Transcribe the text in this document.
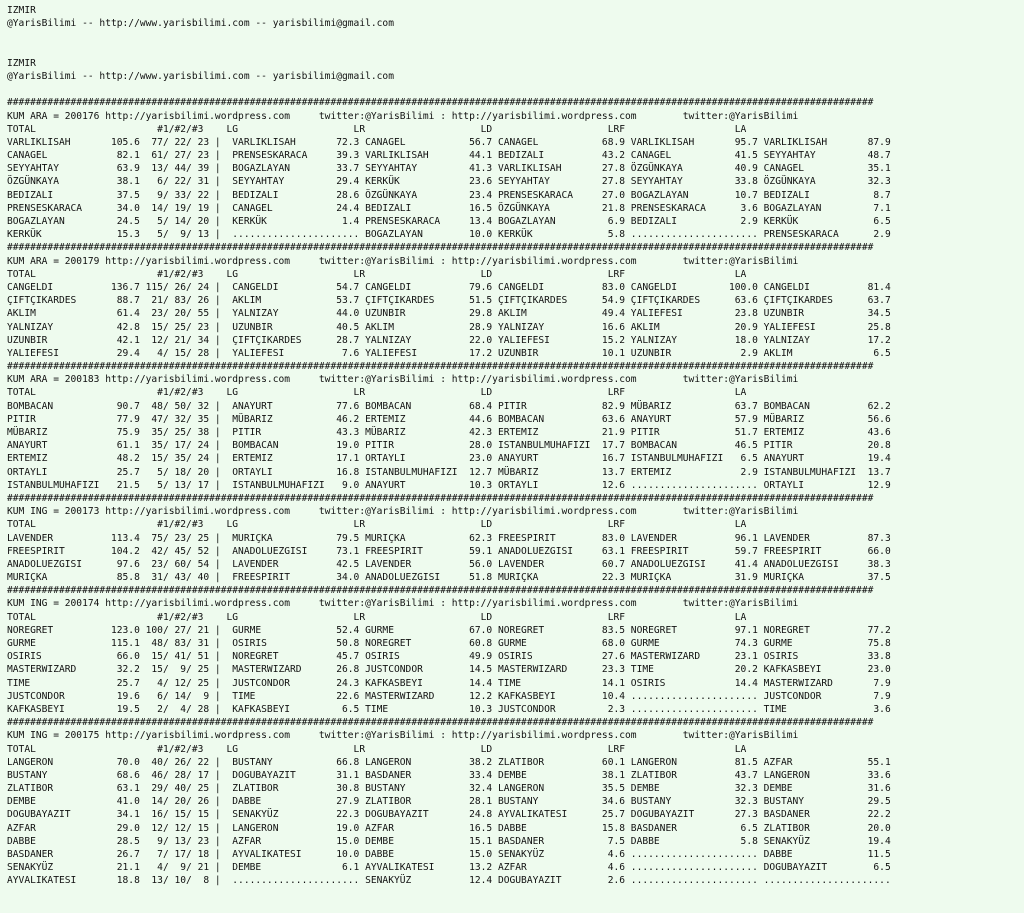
IZMIR
@YarisBilimi -- http://www.yarisbilimi.com -- yarisbilimi@gmail.com

IZMIR
@YarisBilimi -- http://www.yarisbilimi.com -- yarisbilimi@gmail.com

######################################################################################################################################################
KUM ARA = 200176 http://yarisbilimi.wordpress.com     twitter:@YarisBilimi : http://yarisbilimi.wordpress.com        twitter:@YarisBilimi
TOTAL                     #1/#2/#3    LG                    LR                    LD                    LRF                   LA
VARLIKLISAH       105.6  77/ 22/ 23 |  VARLIKLISAH       72.3 CANAGEL           56.7 CANAGEL           68.9 VARLIKLISAH       95.7 VARLIKLISAH       87.9
CANAGEL            82.1  61/ 27/ 23 |  PRENSESKARACA     39.3 VARLIKLISAH       44.1 BEDIZALI          43.2 CANAGEL           41.5 SEYYAHTAY         48.7
SEYYAHTAY          63.9  13/ 44/ 39 |  BOGAZLAYAN        33.7 SEYYAHTAY         41.3 VARLIKLISAH       27.8 ÖZGÜNKAYA         40.9 CANAGEL           35.1
ÖZGÜNKAYA          38.1   6/ 22/ 31 |  SEYYAHTAY         29.4 KERKÜK            23.6 SEYYAHTAY         27.8 SEYYAHTAY         33.8 ÖZGÜNKAYA         32.3
BEDIZALI           37.5   9/ 33/ 22 |  BEDIZALI          28.6 ÖZGÜNKAYA         23.4 PRENSESKARACA     27.0 BOGAZLAYAN        10.7 BEDIZALI           8.7
PRENSESKARACA      34.0  14/ 19/ 19 |  CANAGEL           24.4 BEDIZALI          16.5 ÖZGÜNKAYA         21.8 PRENSESKARACA      3.6 BOGAZLAYAN         7.1
BOGAZLAYAN         24.5   5/ 14/ 20 |  KERKÜK             1.4 PRENSESKARACA     13.4 BOGAZLAYAN         6.9 BEDIZALI           2.9 KERKÜK             6.5
KERKÜK             15.3   5/  9/ 13 |  ...................... BOGAZLAYAN        10.0 KERKÜK             5.8 ...................... PRENSESKARACA      2.9
######################################################################################################################################################
KUM ARA = 200179 http://yarisbilimi.wordpress.com     twitter:@YarisBilimi : http://yarisbilimi.wordpress.com        twitter:@YarisBilimi
TOTAL                     #1/#2/#3    LG                    LR                    LD                    LRF                   LA
CANGELDI          136.7 115/ 26/ 24 |  CANGELDI          54.7 CANGELDI          79.6 CANGELDI          83.0 CANGELDI         100.0 CANGELDI          81.4
ÇIFTÇIKARDES       88.7  21/ 83/ 26 |  AKLIM             53.7 ÇIFTÇIKARDES      51.5 ÇIFTÇIKARDES      54.9 ÇIFTÇIKARDES      63.6 ÇIFTÇIKARDES      63.7
AKLIM              61.4  23/ 20/ 55 |  YALNIZAY          44.0 UZUNBIR           29.8 AKLIM             49.4 YALIEFESI         23.8 UZUNBIR           34.5
YALNIZAY           42.8  15/ 25/ 23 |  UZUNBIR           40.5 AKLIM             28.9 YALNIZAY          16.6 AKLIM             20.9 YALIEFESI         25.8
UZUNBIR            42.1  12/ 21/ 34 |  ÇIFTÇIKARDES      28.7 YALNIZAY          22.0 YALIEFESI         15.2 YALNIZAY          18.0 YALNIZAY          17.2
YALIEFESI          29.4   4/ 15/ 28 |  YALIEFESI          7.6 YALIEFESI         17.2 UZUNBIR           10.1 UZUNBIR            2.9 AKLIM              6.5
######################################################################################################################################################
KUM ARA = 200183 http://yarisbilimi.wordpress.com     twitter:@YarisBilimi : http://yarisbilimi.wordpress.com        twitter:@YarisBilimi
TOTAL                     #1/#2/#3    LG                    LR                    LD                    LRF                   LA
BOMBACAN           90.7  48/ 50/ 32 |  ANAYURT           77.6 BOMBACAN          68.4 PITIR             82.9 MÜBARIZ           63.7 BOMBACAN          62.2
PITIR              77.9  47/ 32/ 35 |  MÜBARIZ           46.2 ERTEMIZ           44.6 BOMBACAN          63.6 ANAYURT           57.9 MÜBARIZ           56.6
MÜBARIZ            75.9  35/ 25/ 38 |  PITIR             43.3 MÜBARIZ           42.3 ERTEMIZ           21.9 PITIR             51.7 ERTEMIZ           43.6
ANAYURT            61.1  35/ 17/ 24 |  BOMBACAN          19.0 PITIR             28.0 ISTANBULMUHAFIZI  17.7 BOMBACAN          46.5 PITIR             20.8
ERTEMIZ            48.2  15/ 35/ 24 |  ERTEMIZ           17.1 ORTAYLI           23.0 ANAYURT           16.7 ISTANBULMUHAFIZI   6.5 ANAYURT           19.4
ORTAYLI            25.7   5/ 18/ 20 |  ORTAYLI           16.8 ISTANBULMUHAFIZI  12.7 MÜBARIZ           13.7 ERTEMIZ            2.9 ISTANBULMUHAFIZI  13.7
ISTANBULMUHAFIZI   21.5   5/ 13/ 17 |  ISTANBULMUHAFIZI   9.0 ANAYURT           10.3 ORTAYLI           12.6 ...................... ORTAYLI           12.9
######################################################################################################################################################
KUM ING = 200173 http://yarisbilimi.wordpress.com     twitter:@YarisBilimi : http://yarisbilimi.wordpress.com        twitter:@YarisBilimi
TOTAL                     #1/#2/#3    LG                    LR                    LD                    LRF                   LA
LAVENDER          113.4  75/ 23/ 25 |  MURIÇKA           79.5 MURIÇKA           62.3 FREESPIRIT        83.0 LAVENDER          96.1 LAVENDER          87.3
FREESPIRIT        104.2  42/ 45/ 52 |  ANADOLUEZGISI     73.1 FREESPIRIT        59.1 ANADOLUEZGISI     63.1 FREESPIRIT        59.7 FREESPIRIT        66.0
ANADOLUEZGISI      97.6  23/ 60/ 54 |  LAVENDER          42.5 LAVENDER          56.0 LAVENDER          60.7 ANADOLUEZGISI     41.4 ANADOLUEZGISI     38.3
MURIÇKA            85.8  31/ 43/ 40 |  FREESPIRIT        34.0 ANADOLUEZGISI     51.8 MURIÇKA           22.3 MURIÇKA           31.9 MURIÇKA           37.5
######################################################################################################################################################
KUM ING = 200174 http://yarisbilimi.wordpress.com     twitter:@YarisBilimi : http://yarisbilimi.wordpress.com        twitter:@YarisBilimi
TOTAL                     #1/#2/#3    LG                    LR                    LD                    LRF                   LA
NOREGRET          123.0 100/ 27/ 21 |  GURME             52.4 GURME             67.0 NOREGRET          83.5 NOREGRET          97.1 NOREGRET          77.2
GURME             115.1  48/ 83/ 31 |  OSIRIS            50.8 NOREGRET          60.8 GURME             68.0 GURME             74.3 GURME             75.8
OSIRIS             66.0  15/ 41/ 51 |  NOREGRET          45.7 OSIRIS            49.9 OSIRIS            27.6 MASTERWIZARD      23.1 OSIRIS            33.8
MASTERWIZARD       32.2  15/  9/ 25 |  MASTERWIZARD      26.8 JUSTCONDOR        14.5 MASTERWIZARD      23.3 TIME              20.2 KAFKASBEYI        23.0
TIME               25.7   4/ 12/ 25 |  JUSTCONDOR        24.3 KAFKASBEYI        14.4 TIME              14.1 OSIRIS            14.4 MASTERWIZARD       7.9
JUSTCONDOR         19.6   6/ 14/  9 |  TIME              22.6 MASTERWIZARD      12.2 KAFKASBEYI        10.4 ...................... JUSTCONDOR         7.9
KAFKASBEYI         19.5   2/  4/ 28 |  KAFKASBEYI         6.5 TIME              10.3 JUSTCONDOR         2.3 ...................... TIME               3.6
######################################################################################################################################################
KUM ING = 200175 http://yarisbilimi.wordpress.com     twitter:@YarisBilimi : http://yarisbilimi.wordpress.com        twitter:@YarisBilimi
TOTAL                     #1/#2/#3    LG                    LR                    LD                    LRF                   LA
LANGERON           70.0  40/ 26/ 22 |  BUSTANY           66.8 LANGERON          38.2 ZLATIBOR          60.1 LANGERON          81.5 AZFAR             55.1
BUSTANY            68.6  46/ 28/ 17 |  DOGUBAYAZIT       31.1 BASDANER          33.4 DEMBE             38.1 ZLATIBOR          43.7 LANGERON          33.6
ZLATIBOR           63.1  29/ 40/ 25 |  ZLATIBOR          30.8 BUSTANY           32.4 LANGERON          35.5 DEMBE             32.3 DEMBE             31.6
DEMBE              41.0  14/ 20/ 26 |  DABBE             27.9 ZLATIBOR          28.1 BUSTANY           34.6 BUSTANY           32.3 BUSTANY           29.5
DOGUBAYAZIT        34.1  16/ 15/ 15 |  SENAKYÜZ          22.3 DOGUBAYAZIT       24.8 AYVALIKATESI      25.7 DOGUBAYAZIT       27.3 BASDANER          22.2
AZFAR              29.0  12/ 12/ 15 |  LANGERON          19.0 AZFAR             16.5 DABBE             15.8 BASDANER           6.5 ZLATIBOR          20.0
DABBE              28.5   9/ 13/ 23 |  AZFAR             15.0 DEMBE             15.1 BASDANER           7.5 DABBE              5.8 SENAKYÜZ          19.4
BASDANER           26.7   7/ 17/ 18 |  AYVALIKATESI      10.0 DABBE             15.0 SENAKYÜZ           4.6 ...................... DABBE             11.5
SENAKYÜZ           21.1   4/  9/ 21 |  DEMBE              6.1 AYVALIKATESI      13.2 AZFAR              4.6 ...................... DOGUBAYAZIT        6.5
AYVALIKATESI       18.8  13/ 10/  8 |  ...................... SENAKYÜZ          12.4 DOGUBAYAZIT        2.6 ...................... ......................
